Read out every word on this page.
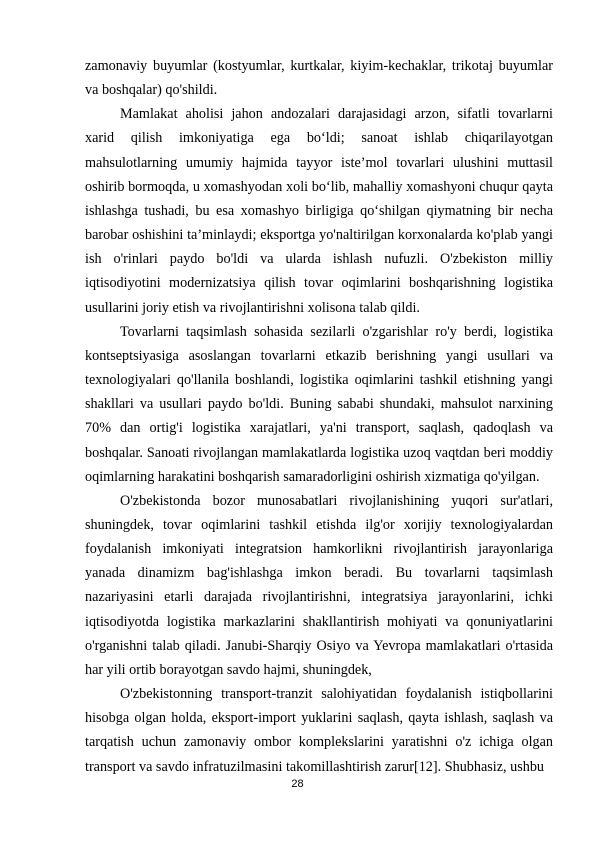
zamonaviy buyumlar (kostyumlar, kurtkalar, kiyim-kechaklar, trikotaj buyumlar va boshqalar) qo'shildi.

Mamlakat aholisi jahon andozalari darajasidagi arzon, sifatli tovarlarni xarid qilish imkoniyatiga ega bo‘ldi; sanoat ishlab chiqarilayotgan mahsulotlarning umumiy hajmida tayyor iste’mol tovarlari ulushini muttasil oshirib bormoqda, u xomashyodan xoli bo‘lib, mahalliy xomashyoni chuqur qayta ishlashga tushadi, bu esa xomashyo birligiga qo‘shilgan qiymatning bir necha barobar oshishini ta’minlaydi; eksportga yo'naltirilgan korxonalarda ko'plab yangi ish o'rinlari paydo bo'ldi va ularda ishlash nufuzli. O'zbekiston milliy iqtisodiyotini modernizatsiya qilish tovar oqimlarini boshqarishning logistika usullarini joriy etish va rivojlantirishni xolisona talab qildi.

Tovarlarni taqsimlash sohasida sezilarli o'zgarishlar ro'y berdi, logistika kontseptsiyasiga asoslangan tovarlarni etkazib berishning yangi usullari va texnologiyalari qo'llanila boshlandi, logistika oqimlarini tashkil etishning yangi shakllari va usullari paydo bo'ldi. Buning sababi shundaki, mahsulot narxining 70% dan ortig'i logistika xarajatlari, ya'ni transport, saqlash, qadoqlash va boshqalar. Sanoati rivojlangan mamlakatlarda logistika uzoq vaqtdan beri moddiy oqimlarning harakatini boshqarish samaradorligini oshirish xizmatiga qo'yilgan.

O'zbekistonda bozor munosabatlari rivojlanishining yuqori sur'atlari, shuningdek, tovar oqimlarini tashkil etishda ilg'or xorijiy texnologiyalardan foydalanish imkoniyati integratsion hamkorlikni rivojlantirish jarayonlariga yanada dinamizm bag'ishlashga imkon beradi. Bu tovarlarni taqsimlash nazariyasini etarli darajada rivojlantirishni, integratsiya jarayonlarini, ichki iqtisodiyotda logistika markazlarini shakllantirish mohiyati va qonuniyatlarini o'rganishni talab qiladi. Janubi-Sharqiy Osiyo va Yevropa mamlakatlari o'rtasida har yili ortib borayotgan savdo hajmi, shuningdek,

O'zbekistonning transport-tranzit salohiyatidan foydalanish istiqbollarini hisobga olgan holda, eksport-import yuklarini saqlash, qayta ishlash, saqlash va tarqatish uchun zamonaviy ombor komplekslarini yaratishni o'z ichiga olgan transport va savdo infratuzilmasini takomillashtirish zarur[12]. Shubhasiz, ushbu

28
